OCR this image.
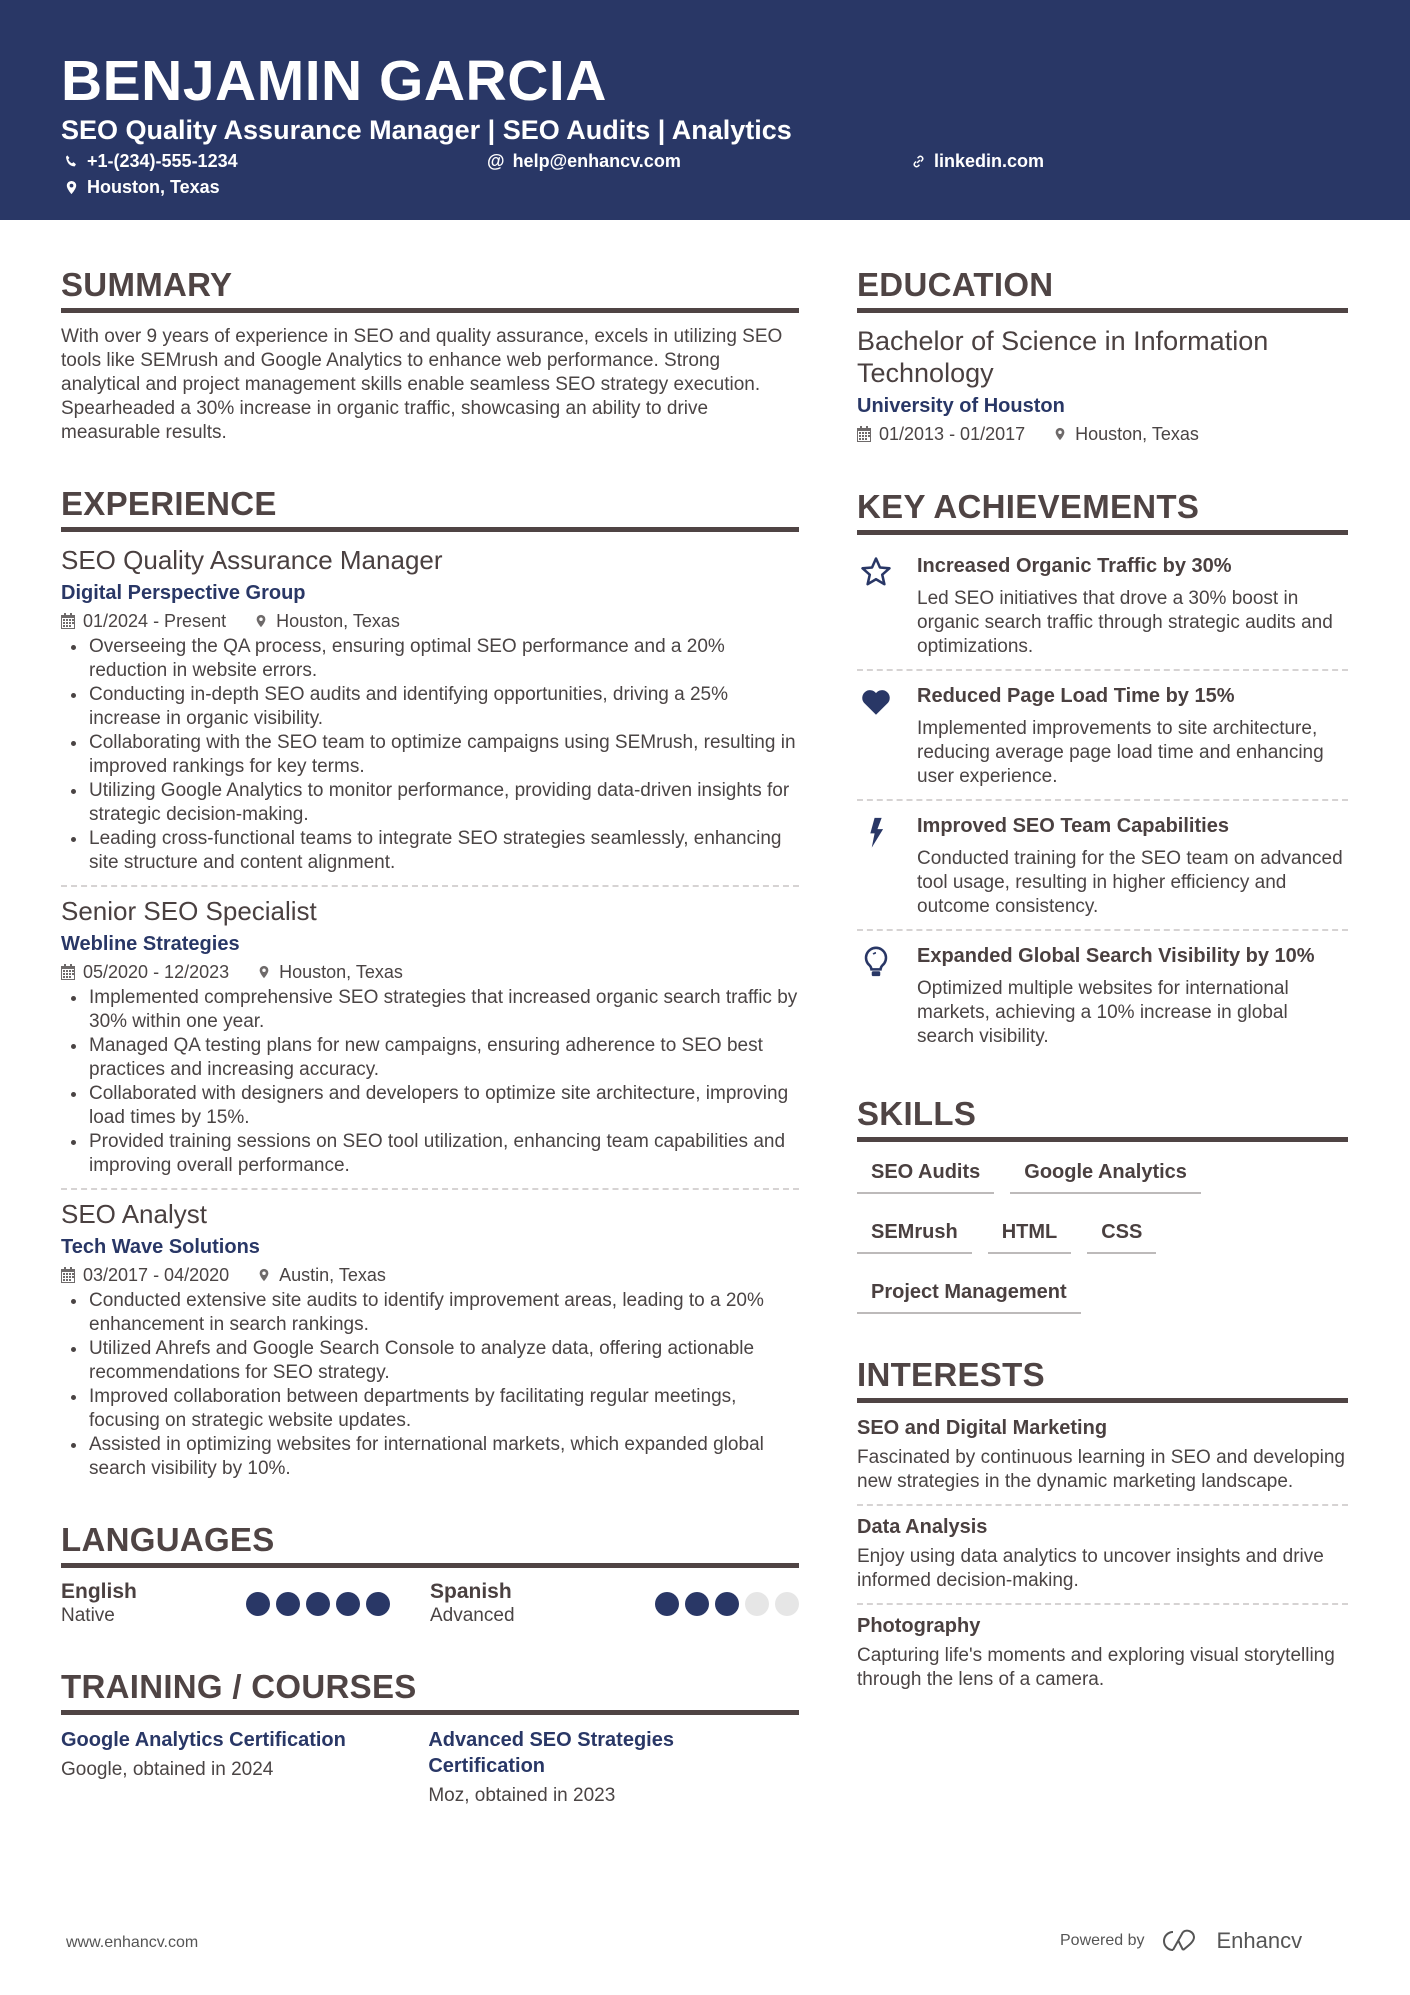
BENJAMIN GARCIA
SEO Quality Assurance Manager | SEO Audits | Analytics
+1-(234)-555-1234	@ help@enhancv.com	linkedin.com
Houston, Texas
SUMMARY

With over 9 years of experience in SEO and quality assurance, excels in utilizing SEO tools like SEMrush and Google Analytics to enhance web performance. Strong analytical and project management skills enable seamless SEO strategy execution. Spearheaded a 30% increase in organic traffic, showcasing an ability to drive measurable results.

EXPERIENCE
SEO Quality Assurance Manager
Digital Perspective Group
01/2024 - Present	Houston, Texas
Overseeing the QA process, ensuring optimal SEO performance and a 20% reduction in website errors.
Conducting in-depth SEO audits and identifying opportunities, driving a 25% increase in organic visibility.
Collaborating with the SEO team to optimize campaigns using SEMrush, resulting in improved rankings for key terms.
Utilizing Google Analytics to monitor performance, providing data-driven insights for strategic decision-making.
Leading cross-functional teams to integrate SEO strategies seamlessly, enhancing site structure and content alignment.
Senior SEO Specialist
Webline Strategies
05/2020 - 12/2023	Houston, Texas
Implemented comprehensive SEO strategies that increased organic search traffic by 30% within one year.
Managed QA testing plans for new campaigns, ensuring adherence to SEO best practices and increasing accuracy.
Collaborated with designers and developers to optimize site architecture, improving load times by 15%.
Provided training sessions on SEO tool utilization, enhancing team capabilities and improving overall performance.
SEO Analyst
Tech Wave Solutions
03/2017 - 04/2020	Austin, Texas
Conducted extensive site audits to identify improvement areas, leading to a 20% enhancement in search rankings.
Utilized Ahrefs and Google Search Console to analyze data, offering actionable recommendations for SEO strategy.
Improved collaboration between departments by facilitating regular meetings, focusing on strategic website updates.
Assisted in optimizing websites for international markets, which expanded global search visibility by 10%.
LANGUAGES
English
Native
Spanish
Advanced
TRAINING / COURSES
Google Analytics Certification
Google, obtained in 2024
Advanced SEO Strategies Certification
Moz, obtained in 2023
EDUCATION
Bachelor of Science in Information Technology
University of Houston
01/2013 - 01/2017	Houston, Texas
KEY ACHIEVEMENTS
Increased Organic Traffic by 30%
Led SEO initiatives that drove a 30% boost in organic search traffic through strategic audits and optimizations.
Reduced Page Load Time by 15%
Implemented improvements to site architecture, reducing average page load time and enhancing user experience.
Improved SEO Team Capabilities
Conducted training for the SEO team on advanced tool usage, resulting in higher efficiency and outcome consistency.
Expanded Global Search Visibility by 10%
Optimized multiple websites for international markets, achieving a 10% increase in global search visibility.
SKILLS
SEO Audits	Google Analytics
SEMrush	HTML	CSS
Project Management
INTERESTS
SEO and Digital Marketing
Fascinated by continuous learning in SEO and developing new strategies in the dynamic marketing landscape.
Data Analysis
Enjoy using data analytics to uncover insights and drive informed decision-making.
Photography
Capturing life's moments and exploring visual storytelling through the lens of a camera.
www.enhancv.com	Powered by	Enhancv
